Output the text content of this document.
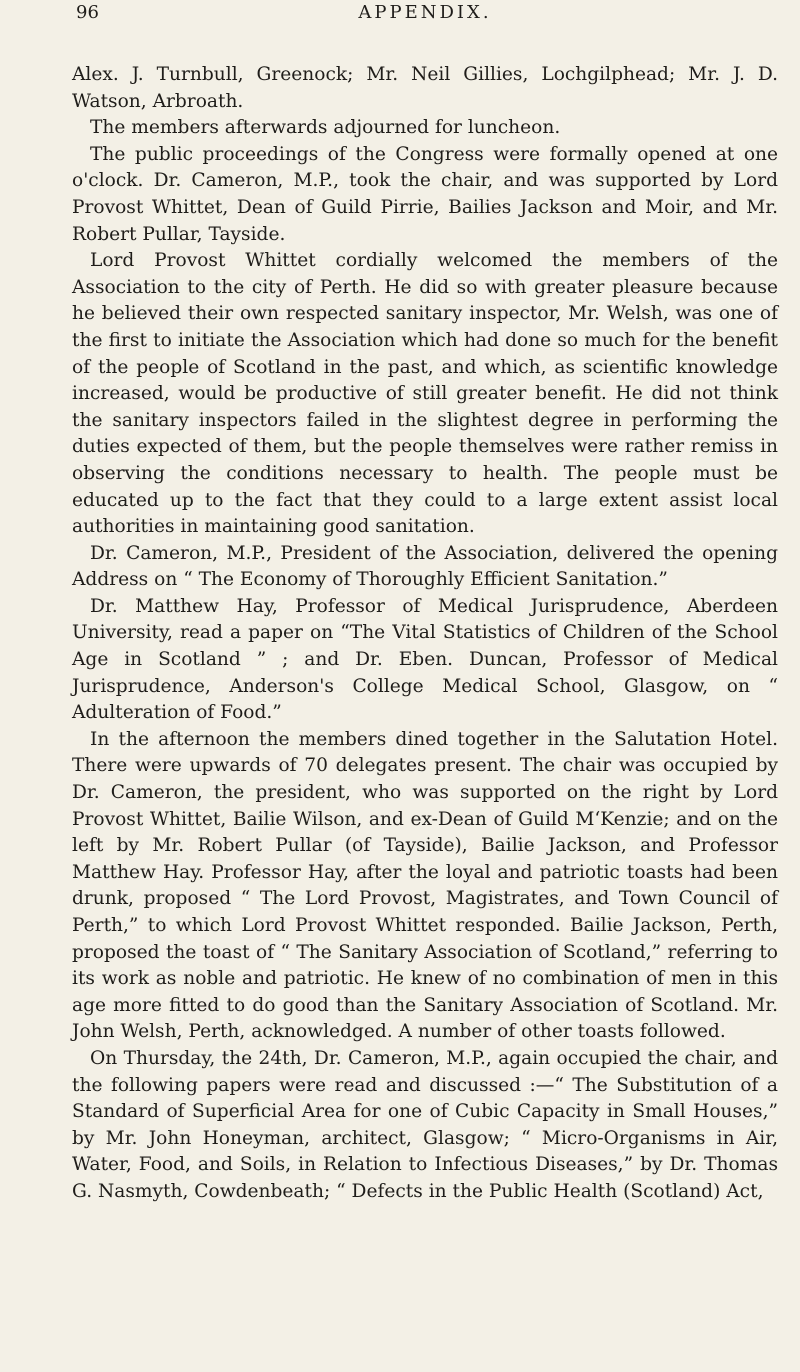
96	APPENDIX.

Alex. J. Turnbull, Greenock; Mr. Neil Gillies, Lochgilphead; Mr. J. D. Watson, Arbroath.

The members afterwards adjourned for luncheon.

The public proceedings of the Congress were formally opened at one o'clock. Dr. Cameron, M.P., took the chair, and was supported by Lord Provost Whittet, Dean of Guild Pirrie, Bailies Jackson and Moir, and Mr. Robert Pullar, Tayside.

Lord Provost Whittet cordially welcomed the members of the Association to the city of Perth. He did so with greater pleasure because he believed their own respected sanitary inspector, Mr. Welsh, was one of the first to initiate the Association which had done so much for the benefit of the people of Scotland in the past, and which, as scientific knowledge increased, would be productive of still greater benefit. He did not think the sanitary inspectors failed in the slightest degree in performing the duties expected of them, but the people themselves were rather remiss in observing the conditions necessary to health. The people must be educated up to the fact that they could to a large extent assist local authorities in maintaining good sanitation.

Dr. Cameron, M.P., President of the Association, delivered the opening Address on “ The Economy of Thoroughly Efficient Sanitation.”

Dr. Matthew Hay, Professor of Medical Jurisprudence, Aberdeen University, read a paper on “The Vital Statistics of Children of the School Age in Scotland ” ; and Dr. Eben. Duncan, Professor of Medical Jurisprudence, Anderson's College Medical School, Glasgow, on “ Adulteration of Food.”

In the afternoon the members dined together in the Salutation Hotel. There were upwards of 70 delegates present. The chair was occupied by Dr. Cameron, the president, who was supported on the right by Lord Provost Whittet, Bailie Wilson, and ex-Dean of Guild M‘Kenzie; and on the left by Mr. Robert Pullar (of Tayside), Bailie Jackson, and Professor Matthew Hay. Professor Hay, after the loyal and patriotic toasts had been drunk, proposed “ The Lord Provost, Magistrates, and Town Council of Perth,” to which Lord Provost Whittet responded. Bailie Jackson, Perth, proposed the toast of “ The Sanitary Association of Scotland,” referring to its work as noble and patriotic. He knew of no combination of men in this age more fitted to do good than the Sanitary Association of Scotland. Mr. John Welsh, Perth, acknowledged. A number of other toasts followed.

On Thursday, the 24th, Dr. Cameron, M.P., again occupied the chair, and the following papers were read and discussed :—“ The Substitution of a Standard of Superficial Area for one of Cubic Capacity in Small Houses,” by Mr. John Honeyman, architect, Glasgow; “ Micro-Organisms in Air, Water, Food, and Soils, in Relation to Infectious Diseases,” by Dr. Thomas G. Nasmyth, Cowdenbeath; “ Defects in the Public Health (Scotland) Act,
